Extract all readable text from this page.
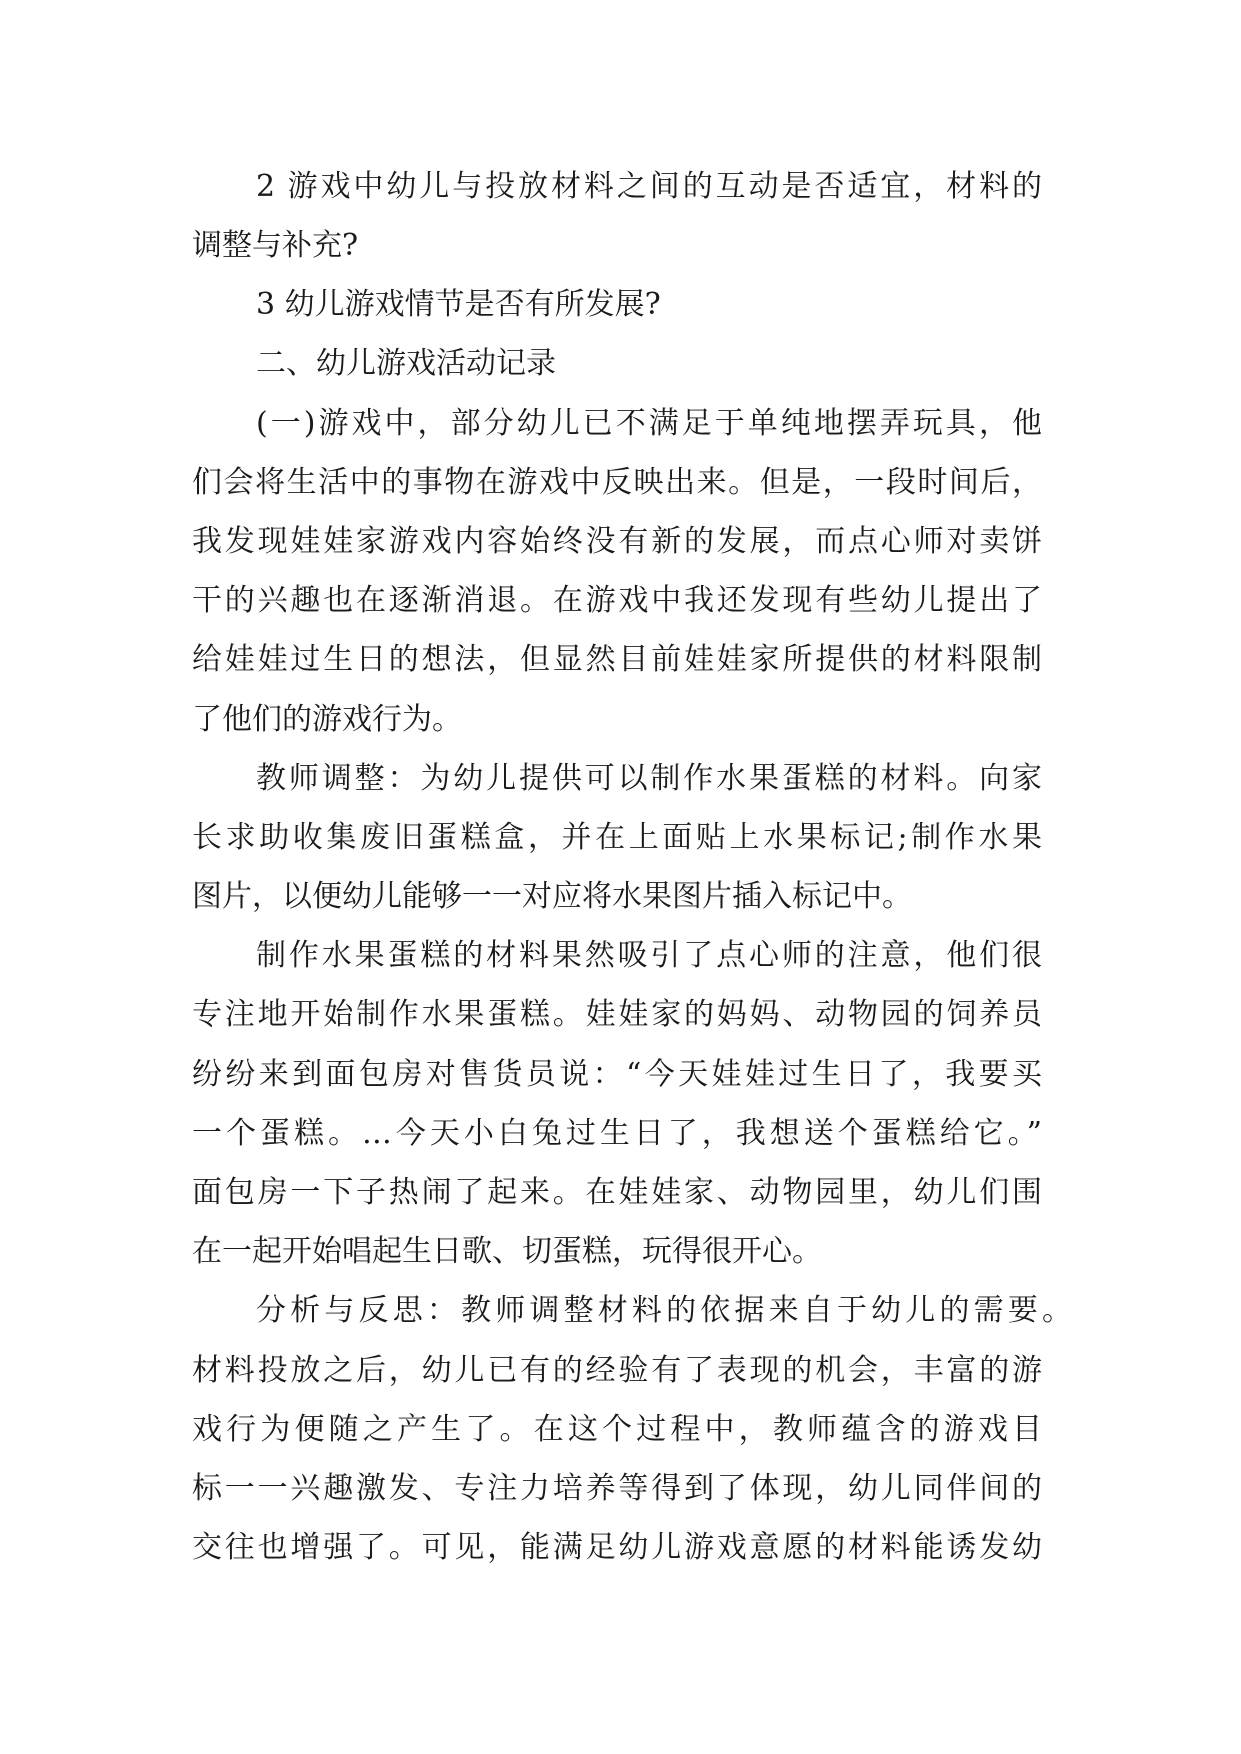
2 游戏中幼儿与投放材料之间的互动是否适宜，材料的
调整与补充?
3 幼儿游戏情节是否有所发展?
二、幼儿游戏活动记录
(一)游戏中，部分幼儿已不满足于单纯地摆弄玩具，他
们会将生活中的事物在游戏中反映出来。但是，一段时间后，
我发现娃娃家游戏内容始终没有新的发展，而点心师对卖饼
干的兴趣也在逐渐消退。在游戏中我还发现有些幼儿提出了
给娃娃过生日的想法，但显然目前娃娃家所提供的材料限制
了他们的游戏行为。
教师调整：为幼儿提供可以制作水果蛋糕的材料。向家
长求助收集废旧蛋糕盒，并在上面贴上水果标记;制作水果
图片，以便幼儿能够一一对应将水果图片插入标记中。
制作水果蛋糕的材料果然吸引了点心师的注意，他们很
专注地开始制作水果蛋糕。娃娃家的妈妈、动物园的饲养员
纷纷来到面包房对售货员说：“今天娃娃过生日了，我要买
一个蛋糕。…今天小白兔过生日了，我想送个蛋糕给它。”
面包房一下子热闹了起来。在娃娃家、动物园里，幼儿们围
在一起开始唱起生日歌、切蛋糕，玩得很开心。
分析与反思：教师调整材料的依据来自于幼儿的需要。
材料投放之后，幼儿已有的经验有了表现的机会，丰富的游
戏行为便随之产生了。在这个过程中，教师蕴含的游戏目
标一一兴趣激发、专注力培养等得到了体现，幼儿同伴间的
交往也增强了。可见，能满足幼儿游戏意愿的材料能诱发幼
